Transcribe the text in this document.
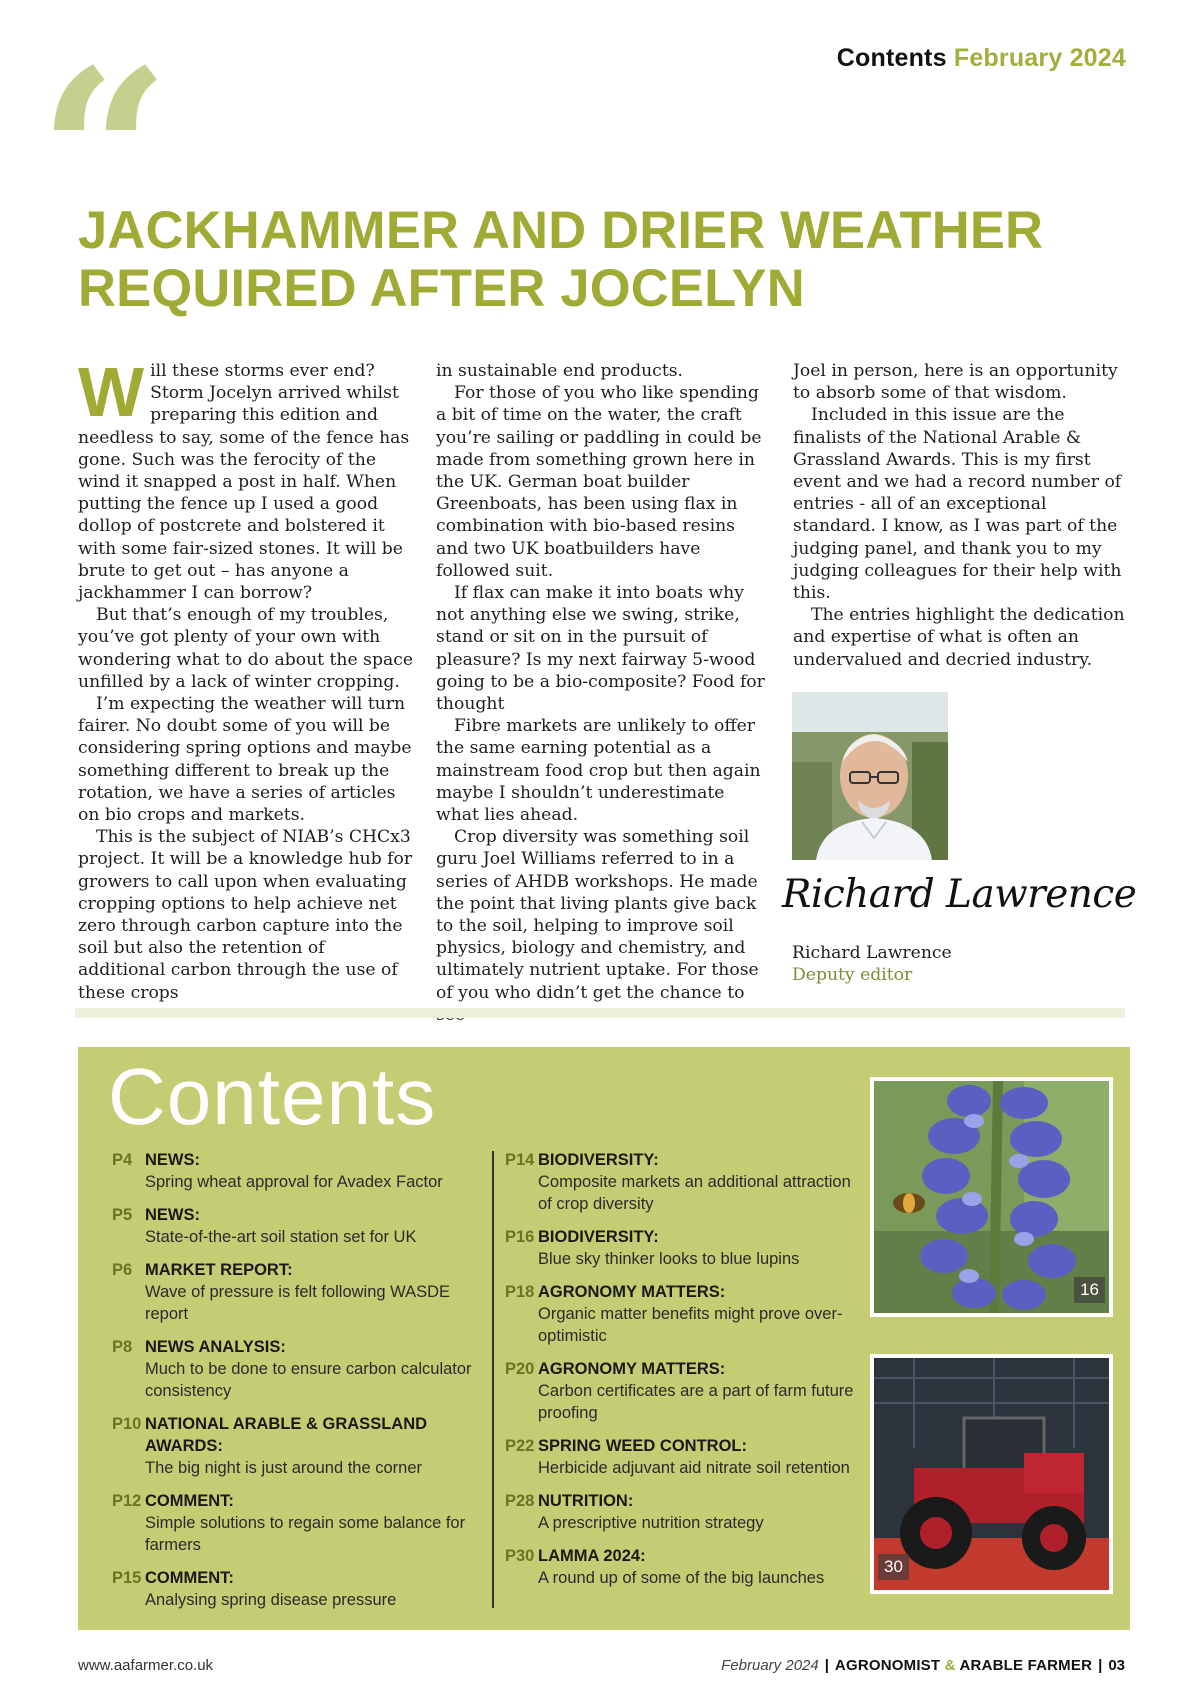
Contents February 2024
“
JACKHAMMER AND DRIER WEATHER
REQUIRED AFTER JOCELYN

Will these storms ever end? Storm Jocelyn arrived whilst preparing this edition and needless to say, some of the fence has gone. Such was the ferocity of the wind it snapped a post in half. When putting the fence up I used a good dollop of postcrete and bolstered it with some fair-sized stones. It will be brute to get out – has anyone a jackhammer I can borrow?

But that’s enough of my troubles, you’ve got plenty of your own with wondering what to do about the space unfilled by a lack of winter cropping.

I’m expecting the weather will turn fairer. No doubt some of you will be considering spring options and maybe something different to break up the rotation, we have a series of articles on bio crops and markets.

This is the subject of NIAB’s CHCx3 project. It will be a knowledge hub for growers to call upon when evaluating cropping options to help achieve net zero through carbon capture into the soil but also the retention of additional carbon through the use of these crops

in sustainable end products.

For those of you who like spending a bit of time on the water, the craft you’re sailing or paddling in could be made from something grown here in the UK. German boat builder Greenboats, has been using flax in combination with bio-based resins and two UK boatbuilders have followed suit.

If flax can make it into boats why not anything else we swing, strike, stand or sit on in the pursuit of pleasure? Is my next fairway 5-wood going to be a bio-composite? Food for thought

Fibre markets are unlikely to offer the same earning potential as a mainstream food crop but then again maybe I shouldn’t underestimate what lies ahead.

Crop diversity was something soil guru Joel Williams referred to in a series of AHDB workshops. He made the point that living plants give back to the soil, helping to improve soil physics, biology and chemistry, and ultimately nutrient uptake. For those of you who didn’t get the chance to

Joel in person, here is an opportunity to absorb some of that wisdom.

Included in this issue are the finalists of the National Arable & Grassland Awards. This is my first event and we had a record number of entries - all of an exceptional standard. I know, as I was part of the judging panel, and thank you to my judging colleagues for their help with this.

The entries highlight the dedication and expertise of what is often an undervalued and decried industry.

Richard Lawrence
Richard Lawrence
Deputy editor
Contents
P4 NEWS:
Spring wheat approval for Avadex Factor
P5 NEWS:
State-of-the-art soil station set for UK
P6 MARKET REPORT:
Wave of pressure is felt following WASDE report
P8 NEWS ANALYSIS:
Much to be done to ensure carbon calculator consistency
P10 NATIONAL ARABLE & GRASSLAND AWARDS:
The big night is just around the corner
P12 COMMENT:
Simple solutions to regain some balance for farmers
P15 COMMENT:
Analysing spring disease pressure
P14 BIODIVERSITY:
Composite markets an additional attraction of crop diversity
P16 BIODIVERSITY:
Blue sky thinker looks to blue lupins
P18 AGRONOMY MATTERS:
Organic matter benefits might prove over-optimistic
P20 AGRONOMY MATTERS:
Carbon certificates are a part of farm future proofing
P22 SPRING WEED CONTROL:
Herbicide adjuvant aid nitrate soil retention
P28 NUTRITION:
A prescriptive nutrition strategy
P30 LAMMA 2024:
A round up of some of the big launches
16
30
www.aafarmer.co.uk	February 2024 | AGRONOMIST & ARABLE FARMER | 03
